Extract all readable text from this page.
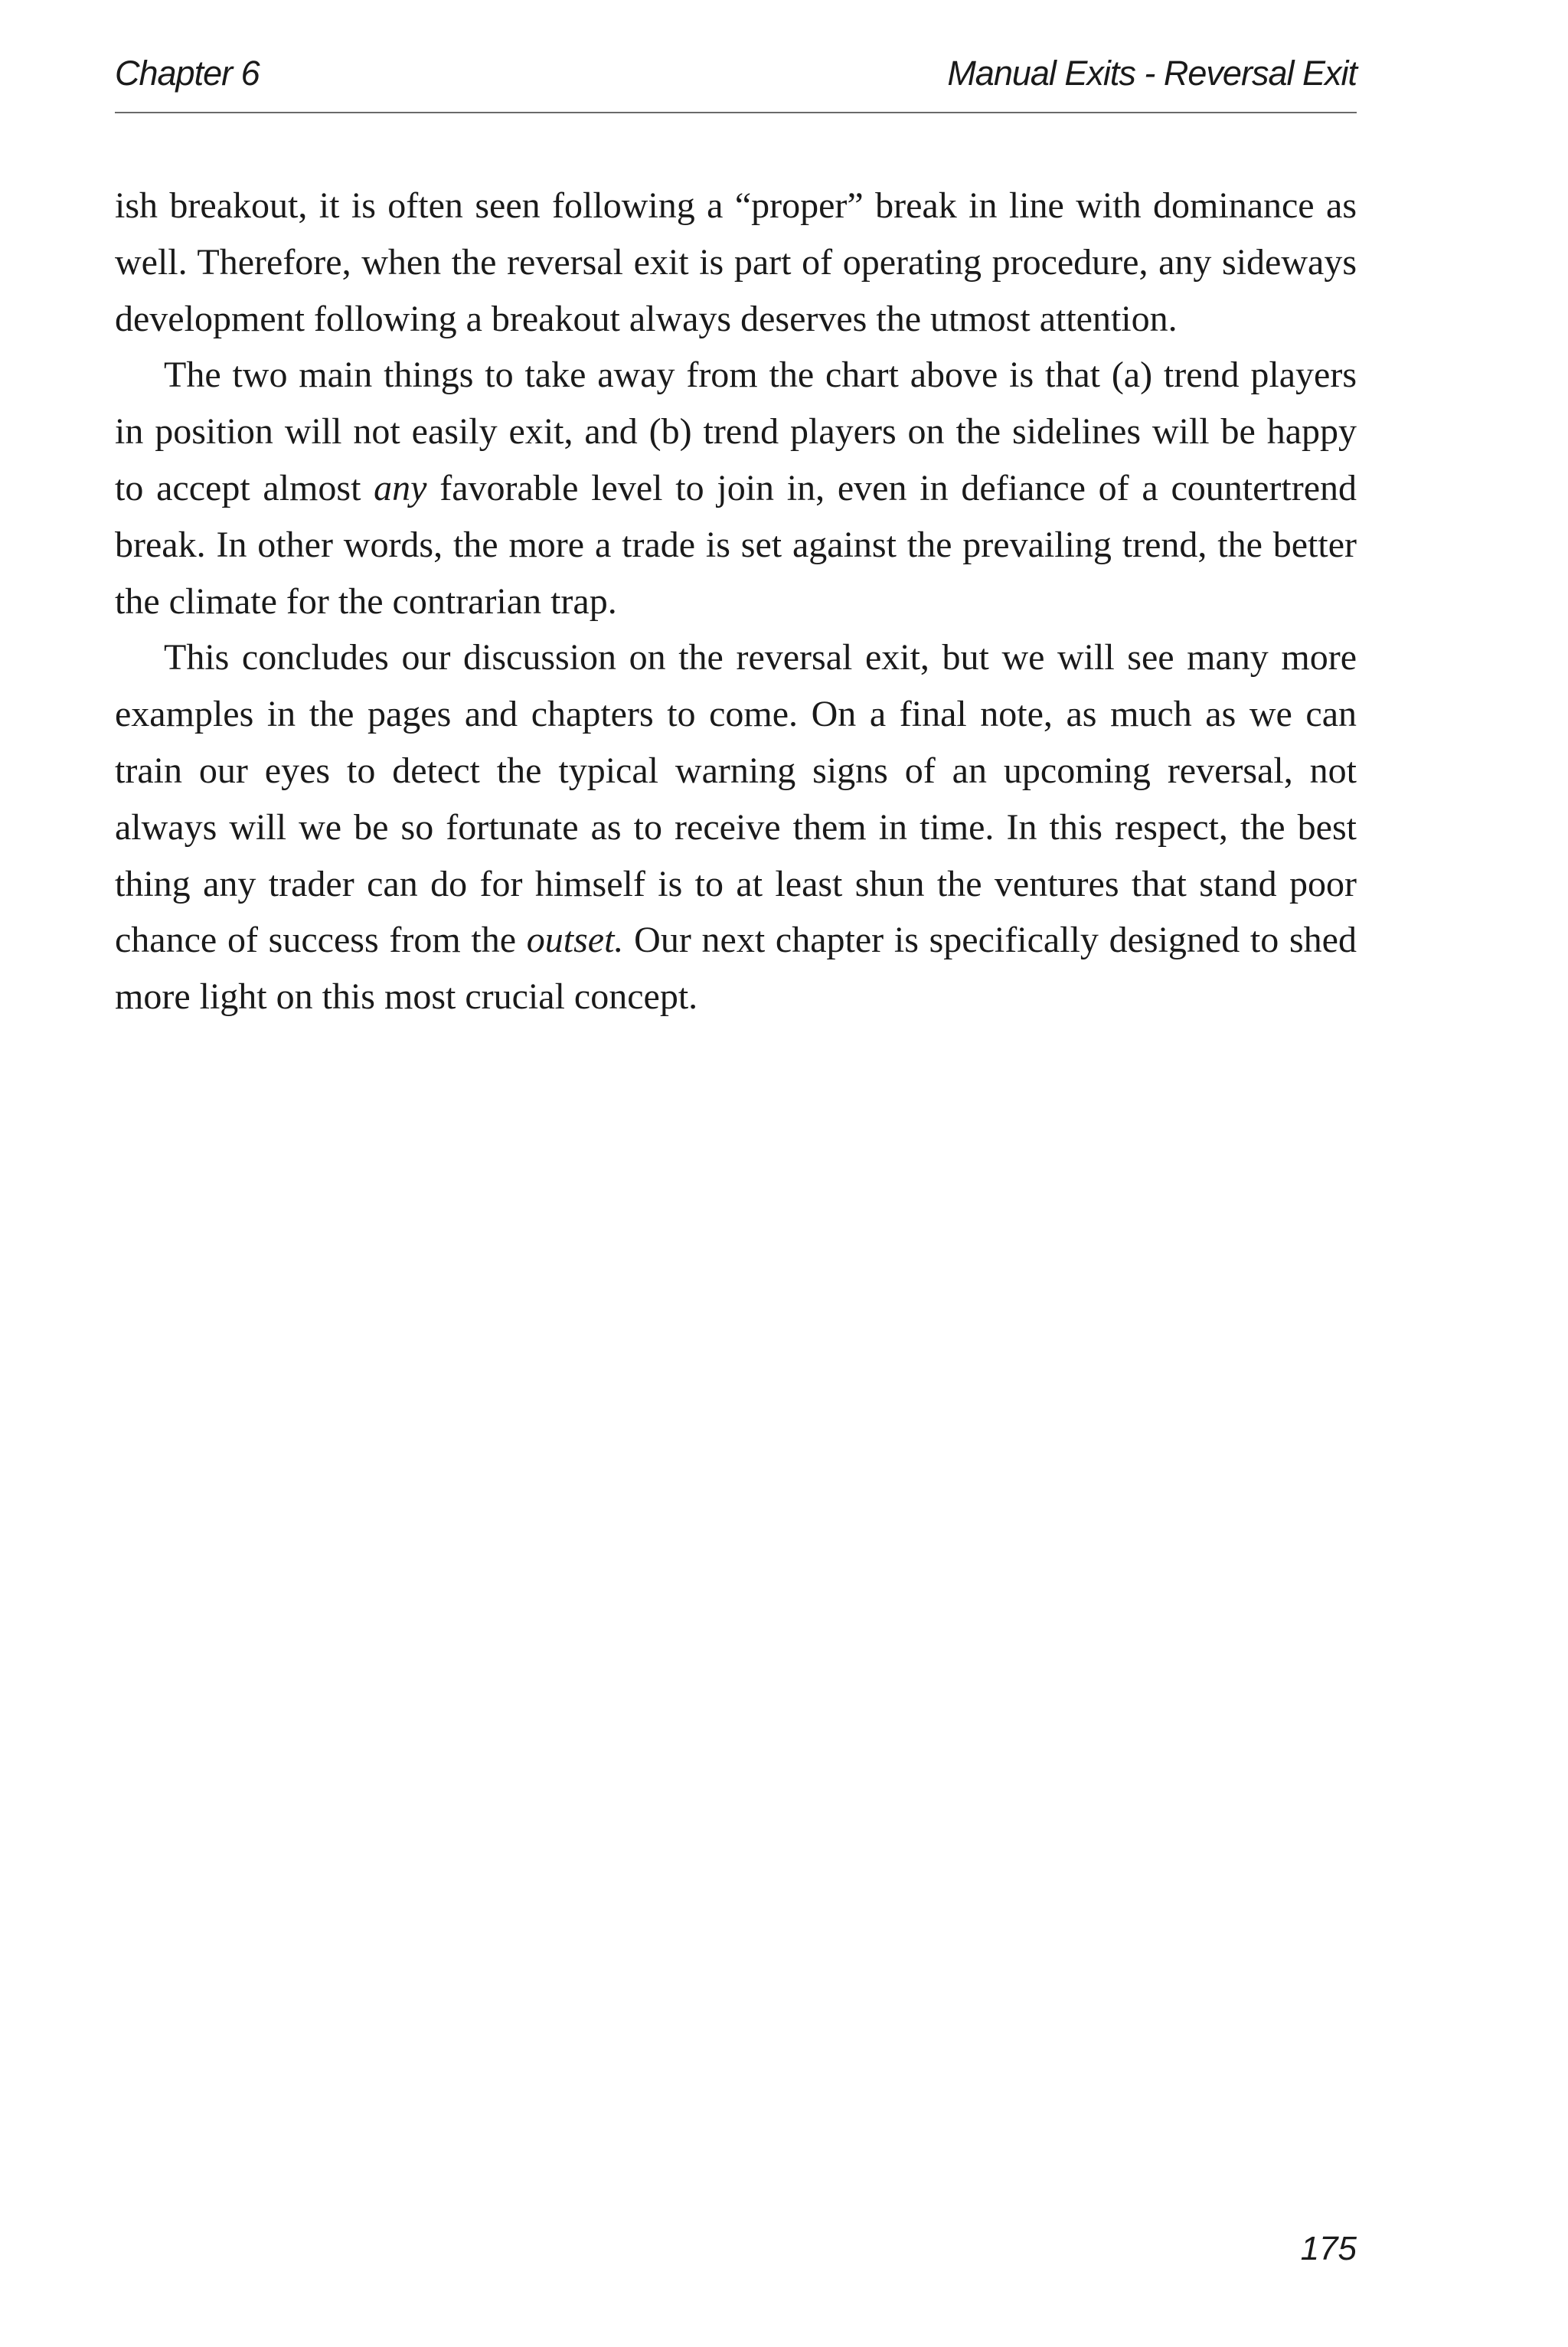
Chapter 6	Manual Exits - Reversal Exit

ish breakout, it is often seen following a “proper” break in line with dominance as well. Therefore, when the reversal exit is part of operating procedure, any sideways development following a breakout always deserves the utmost attention.

The two main things to take away from the chart above is that (a) trend players in position will not easily exit, and (b) trend players on the sidelines will be happy to accept almost any favorable level to join in, even in defiance of a countertrend break. In other words, the more a trade is set against the prevailing trend, the better the climate for the contrarian trap.

This concludes our discussion on the reversal exit, but we will see many more examples in the pages and chapters to come. On a final note, as much as we can train our eyes to detect the typical warning signs of an upcoming reversal, not always will we be so fortunate as to receive them in time. In this respect, the best thing any trader can do for himself is to at least shun the ventures that stand poor chance of success from the outset. Our next chapter is specifically designed to shed more light on this most crucial concept.

175
